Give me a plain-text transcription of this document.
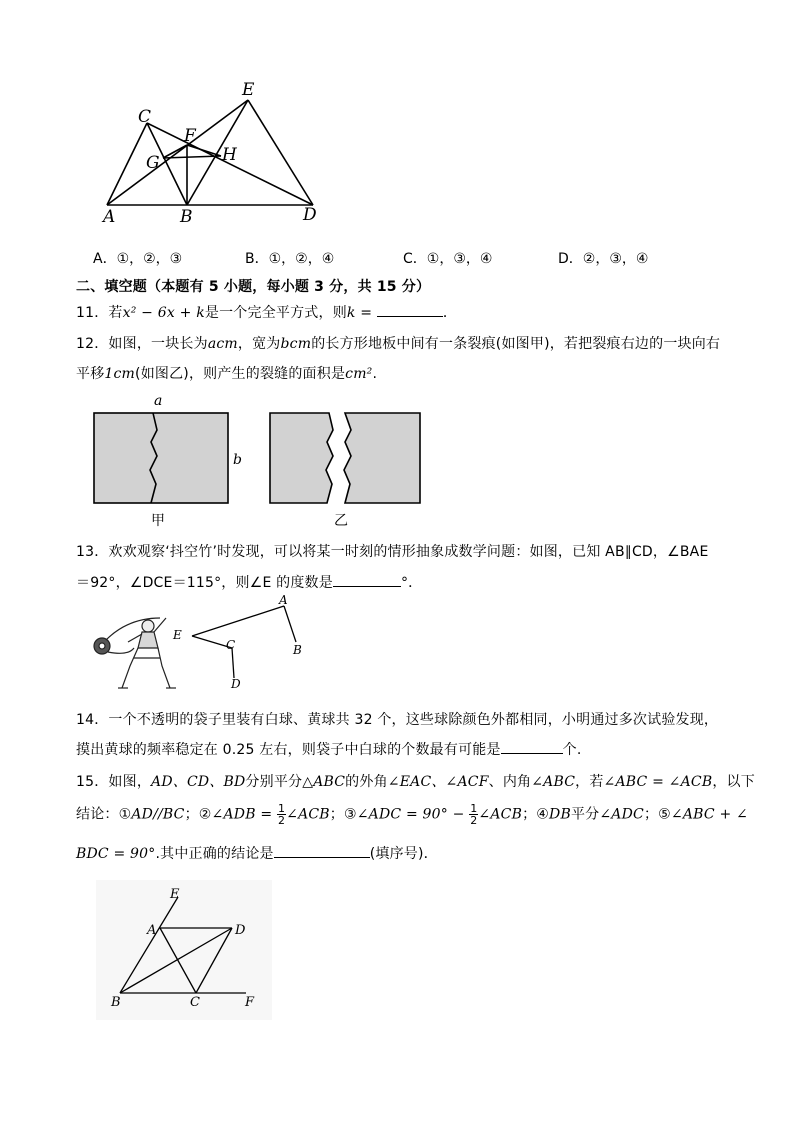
C
E
F
G	H
A	B	D
A．①，②，③	B．①，②，④	C．①，③，④	D．②，③，④
二、填空题（本题有 5 小题，每小题 3 分，共 15 分）
11．若x² − 6x + k是一个完全平方式，则k =	．
12．如图，一块长为acm，宽为bcm的长方形地板中间有一条裂痕(如图甲)，若把裂痕右边的一块向右
平移1cm(如图乙)，则产生的裂缝的面积是cm².
a
b
甲	乙
13．欢欢观察‘抖空竹’时发现，可以将某一时刻的情形抽象成数学问题：如图，已知 AB∥CD，∠BAE
＝92°，∠DCE＝115°，则∠E 的度数是	°．
A
E
C	B
D
14．一个不透明的袋子里装有白球、黄球共 32 个，这些球除颜色外都相同，小明通过多次试验发现，
摸出黄球的频率稳定在 0.25 左右，则袋子中白球的个数最有可能是	个.
15．如图，AD、CD、BD分别平分△ABC的外角∠EAC、∠ACF、内角∠ABC，若∠ABC = ∠ACB，以下
结论：①AD//BC；②∠ADB = $\frac{1}{2}$ ∠ACB；③∠ADC = $90^\circ - \frac{1}{2}$ ∠ACB；④DB平分∠ADC；⑤∠ABC + ∠
BDC = 90°.其中正确的结论是	(填序号)．
E
A	D
B	C	F
